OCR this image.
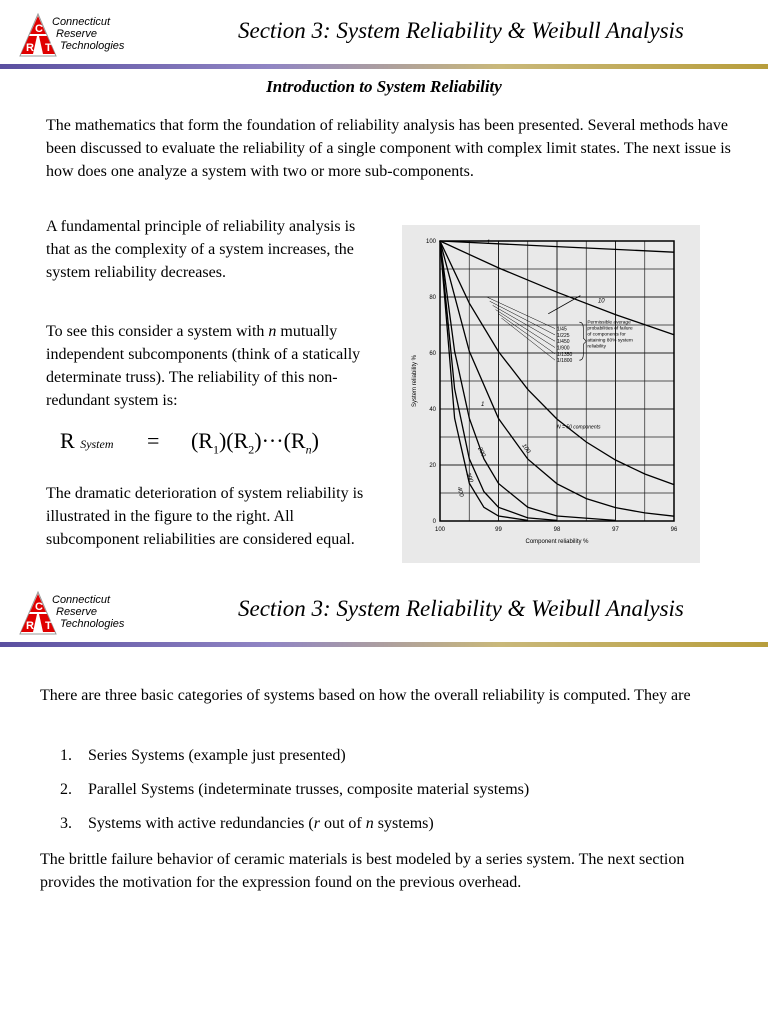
C
R T
Connecticut
Reserve
Technologies
Section 3: System Reliability & Weibull Analysis
Introduction to System Reliability

The mathematics that form the foundation of reliability analysis has been presented. Several methods have been discussed to evaluate the reliability of a single component with complex limit states. The next issue is how does one analyze a system with two or more sub-components.

A fundamental principle of reliability analysis is that as the complexity of a system increases, the system reliability decreases.

To see this consider a system with n mutually independent subcomponents (think of a statically determinate truss). The reliability of this non-redundant system is:

R System = $(R_1)(R_2)\cdot\cdot\cdot(R_n)$

The dramatic deterioration of system reliability is illustrated in the figure to the right. All subcomponent reliabilities are considered equal.

100	99	98	97	96
0
20
40
60
80
100
Component reliability %
System reliability %
1
10
N = 50 components
100
200
300
400
1/45
1/225
1/450
1/900
1/1350
1/1800
Permissible average
probabilities of failure
of components for
attaining 80% system
reliability
1
C
R T
Connecticut
Reserve
Technologies
Section 3: System Reliability & Weibull Analysis

There are three basic categories of systems based on how the overall reliability is computed. They are

1.	Series Systems (example just presented)
2.	Parallel Systems (indeterminate trusses, composite material systems)
3.	Systems with active redundancies (r out of n systems)

The brittle failure behavior of ceramic materials is best modeled by a series system. The next section provides the motivation for the expression found on the previous overhead.
